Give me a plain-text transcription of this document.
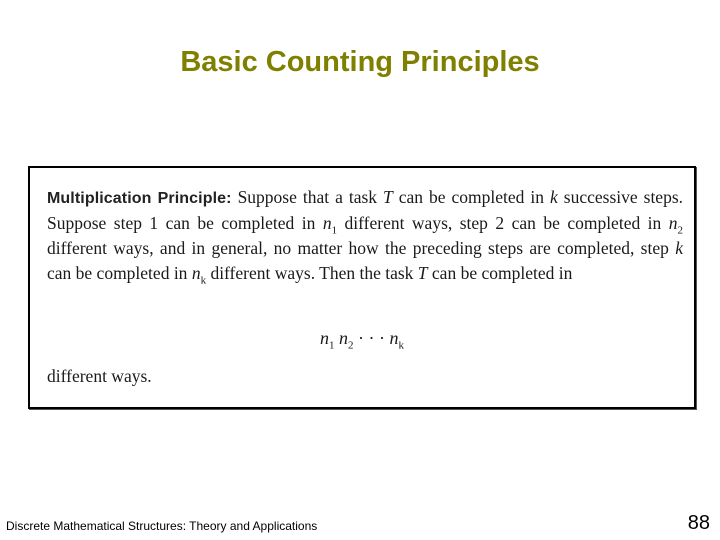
Basic Counting Principles
Multiplication Principle: Suppose that a task T can be completed in k successive steps. Suppose step 1 can be completed in $n_1$ different ways, step 2 can be completed in $n_2$ different ways, and in general, no matter how the preceding steps are completed, step k can be completed in $n_k$ different ways. Then the task T can be completed in
$n_1$ $n_2$ · · · $n_k$
different ways.
Discrete Mathematical Structures: Theory and Applications	88
